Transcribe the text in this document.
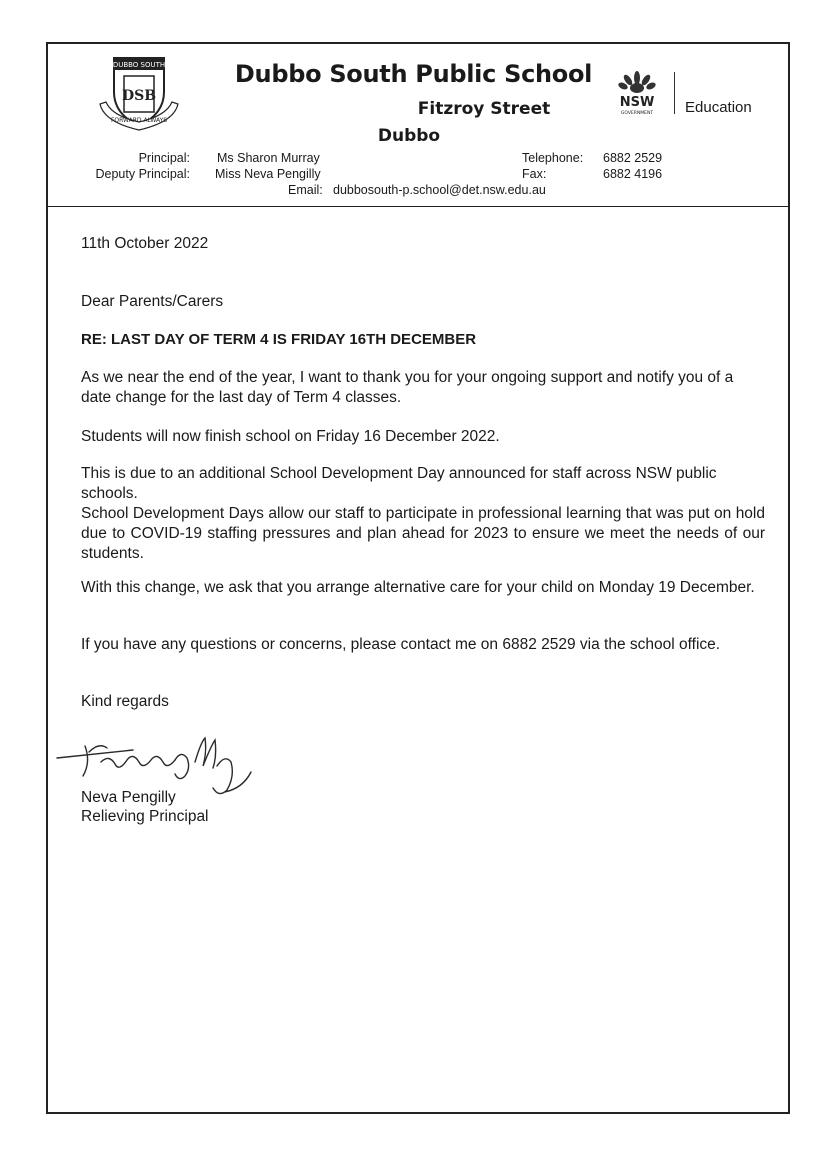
DUBBO SOUTH
DSB
FORWARD ALWAYS
Dubbo South Public School
Fitzroy Street
Dubbo
NSW
GOVERNMENT Education
Principal: Ms Sharon Murray
Deputy Principal: Miss Neva Pengilly
Telephone: 6882 2529
Fax:	6882 4196
Email: dubbosouth-p.school@det.nsw.edu.au
11th October 2022
Dear Parents/Carers
RE: LAST DAY OF TERM 4 IS FRIDAY 16TH DECEMBER
As we near the end of the year, I want to thank you for your ongoing support and notify you of a date change for the last day of Term 4 classes.
Students will now finish school on Friday 16 December 2022.
This is due to an additional School Development Day announced for staff across NSW public schools.
School Development Days allow our staff to participate in professional learning that was put on hold due to COVID-19 staffing pressures and plan ahead for 2023 to ensure we meet the needs of our students.
With this change, we ask that you arrange alternative care for your child on Monday 19 December.
If you have any questions or concerns, please contact me on 6882 2529 via the school office.
Kind regards
Neva Pengilly
Relieving Principal
